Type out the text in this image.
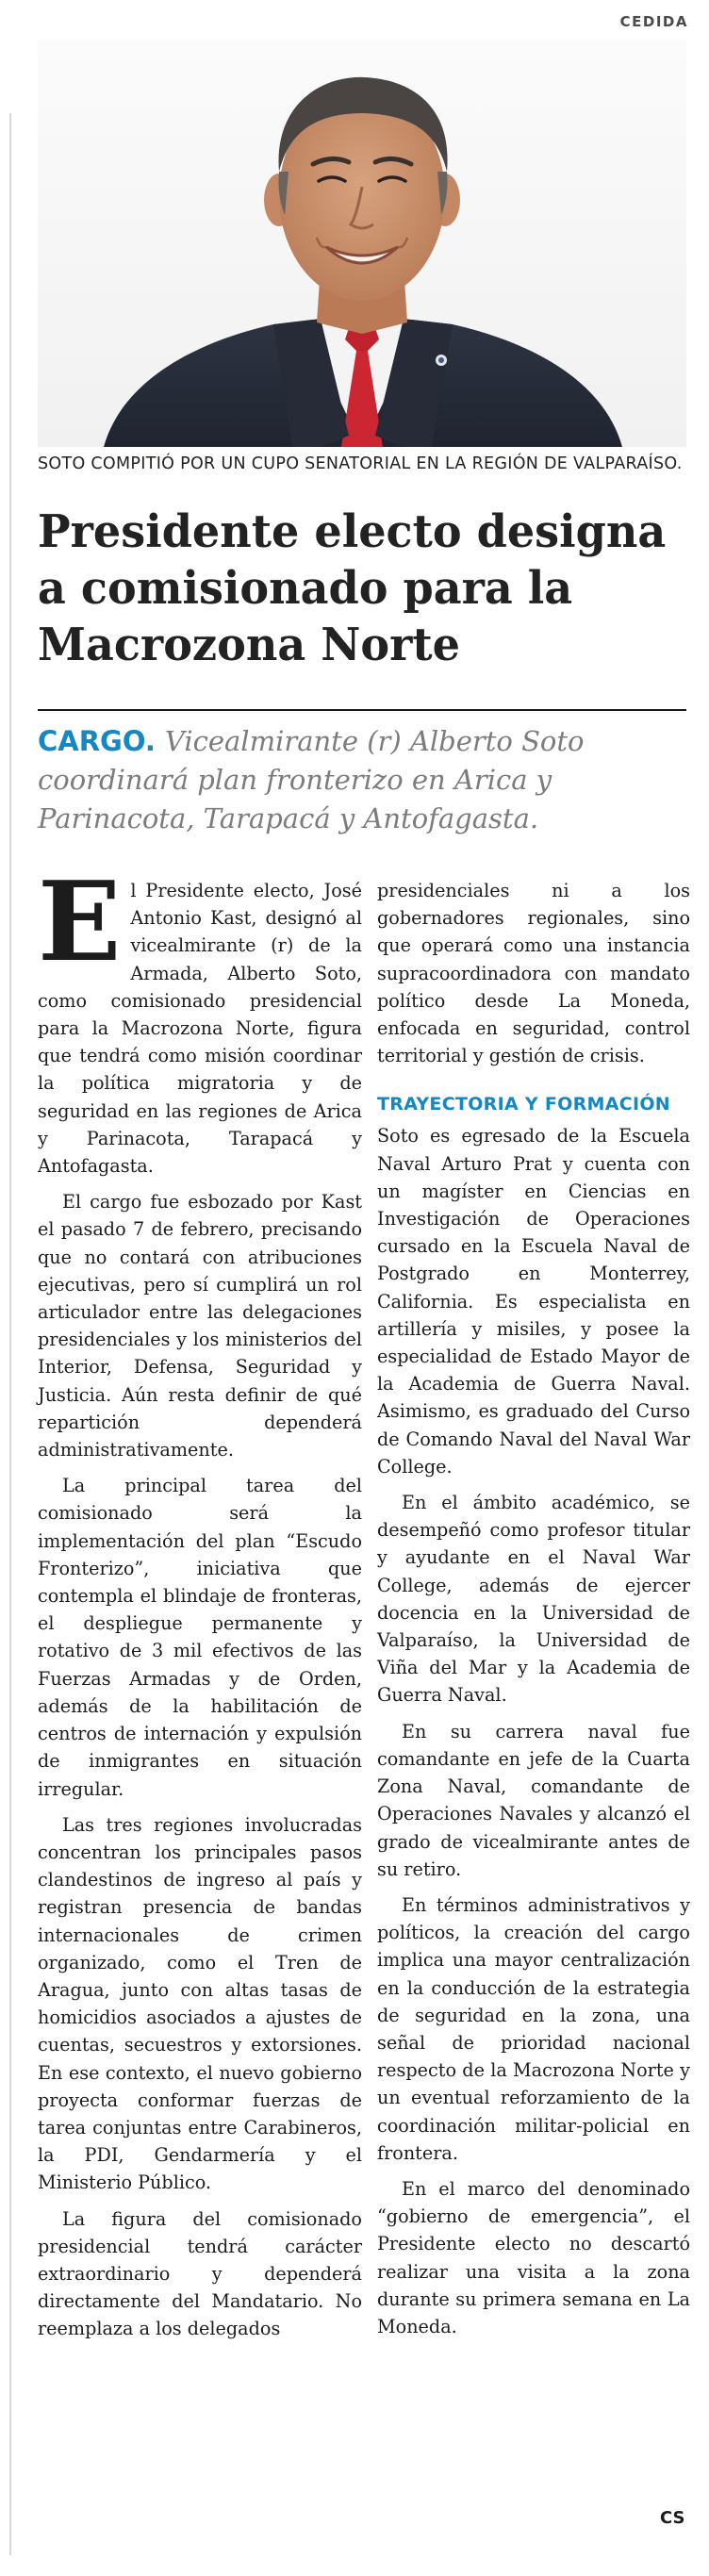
CEDIDA
SOTO COMPITIÓ POR UN CUPO SENATORIAL EN LA REGIÓN DE VALPARAÍSO.
Presidente electo designa
a comisionado para la
Macrozona Norte
CARGO. Vicealmirante (r) Alberto Soto
coordinará plan fronterizo en Arica y
Parinacota, Tarapacá y Antofagasta.

El Presidente electo, José Antonio Kast, designó al vicealmirante (r) de la Armada, Alberto Soto, como comisionado presidencial para la Macrozona Norte, figura que tendrá como misión coordinar la política migratoria y de seguridad en las regiones de Arica y Parinacota, Tarapacá y Antofagasta.

El cargo fue esbozado por Kast el pasado 7 de febrero, precisando que no contará con atribuciones ejecutivas, pero sí cumplirá un rol articulador entre las delegaciones presidenciales y los ministerios del Interior, Defensa, Seguridad y Justicia. Aún resta definir de qué repartición dependerá administrativamente.

La principal tarea del comisionado será la implementación del plan “Escudo Fronterizo”, iniciativa que contempla el blindaje de fronteras, el despliegue permanente y rotativo de 3 mil efectivos de las Fuerzas Armadas y de Orden, además de la habilitación de centros de internación y expulsión de inmigrantes en situación irregular.

Las tres regiones involucradas concentran los principales pasos clandestinos de ingreso al país y registran presencia de bandas internacionales de crimen organizado, como el Tren de Aragua, junto con altas tasas de homicidios asociados a ajustes de cuentas, secuestros y extorsiones. En ese contexto, el nuevo gobierno proyecta conformar fuerzas de tarea conjuntas entre Carabineros, la PDI, Gendarmería y el Ministerio Público.

La figura del comisionado presidencial tendrá carácter extraordinario y dependerá directamente del Mandatario. No reemplaza a los delegados

presidenciales ni a los gobernadores regionales, sino que operará como una instancia supracoordinadora con mandato político desde La Moneda, enfocada en seguridad, control territorial y gestión de crisis.

TRAYECTORIA Y FORMACIÓN

Soto es egresado de la Escuela Naval Arturo Prat y cuenta con un magíster en Ciencias en Investigación de Operaciones cursado en la Escuela Naval de Postgrado en Monterrey, California. Es especialista en artillería y misiles, y posee la especialidad de Estado Mayor de la Academia de Guerra Naval. Asimismo, es graduado del Curso de Comando Naval del Naval War College.

En el ámbito académico, se desempeñó como profesor titular y ayudante en el Naval War College, además de ejercer docencia en la Universidad de Valparaíso, la Universidad de Viña del Mar y la Academia de Guerra Naval.

En su carrera naval fue comandante en jefe de la Cuarta Zona Naval, comandante de Operaciones Navales y alcanzó el grado de vicealmirante antes de su retiro.

En términos administrativos y políticos, la creación del cargo implica una mayor centralización en la conducción de la estrategia de seguridad en la zona, una señal de prioridad nacional respecto de la Macrozona Norte y un eventual reforzamiento de la coordinación militar-policial en frontera.

En el marco del denominado “gobierno de emergencia”, el Presidente electo no descartó realizar una visita a la zona durante su primera semana en La Moneda.

CS
